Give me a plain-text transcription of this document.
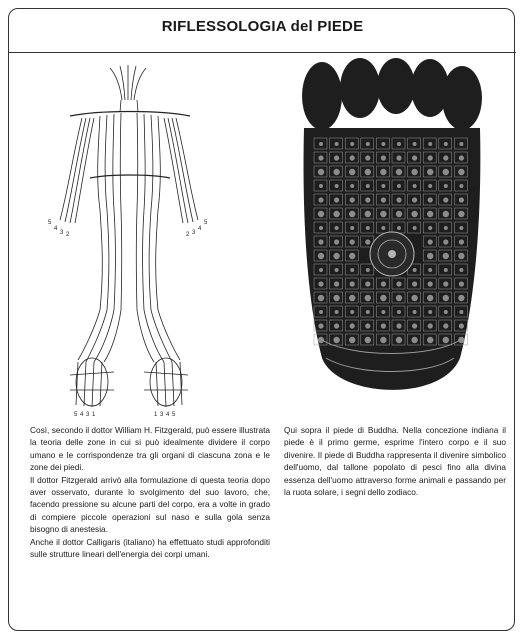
RIFLESSOLOGIA del PIEDE
5
4
3 2	2 3
4
5
5 4 3 1	1 3 4 5

Così, secondo il dottor William H. Fitzgerald, può essere illustrata la teoria delle zone in cui si può idealmente dividere il corpo umano e le corrispondenze tra gli organi di ciascuna zona e le zone dei piedi.

Il dottor Fitzgerald arrivò alla formulazione di questa teoria dopo aver osservato, durante lo svolgimento del suo lavoro, che, facendo pressione su alcune parti del corpo, era a volte in grado di compiere piccole operazioni sul naso e sulla gola senza bisogno di anestesia.

Anche il dottor Calligaris (italiano) ha effettuato studi approfonditi sulle strutture lineari dell'energia dei corpi umani.

Qui sopra il piede di Buddha. Nella concezione indiana il piede è il primo germe, esprime l'intero corpo e il suo divenire. Il piede di Buddha rappresenta il divenire simbolico dell'uomo, dal tallone popolato di pesci fino alla divina essenza dell'uomo attraverso forme animali e passando per la ruota solare, i segni dello zodiaco.
